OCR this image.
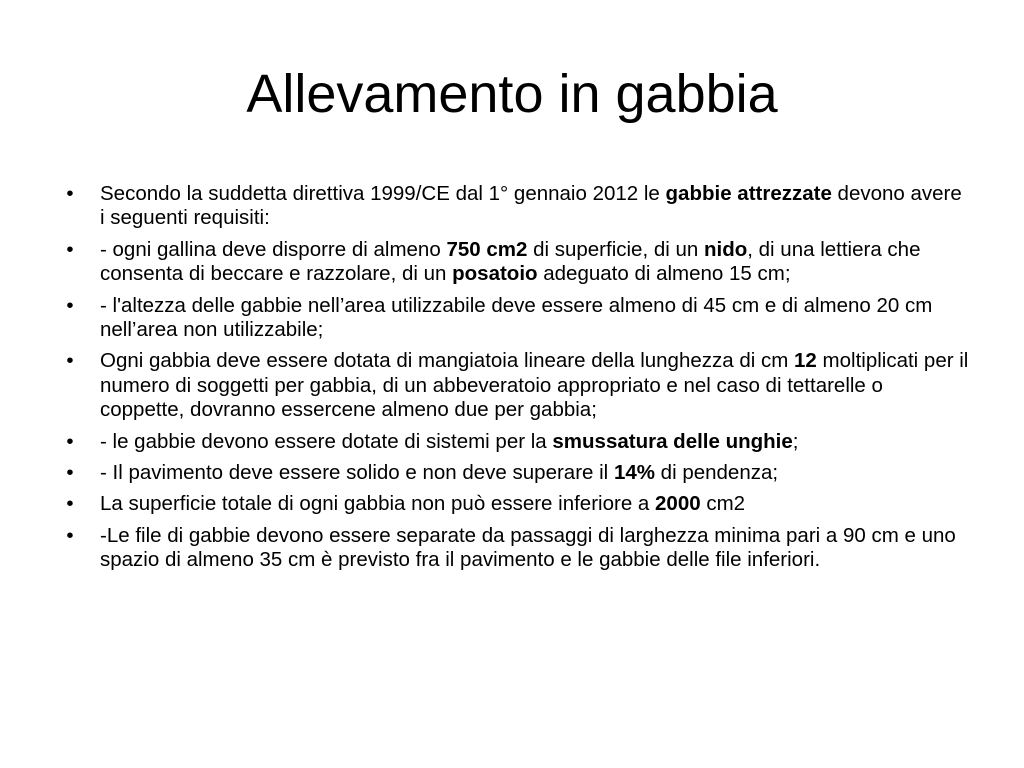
Allevamento in gabbia
•	Secondo la suddetta direttiva 1999/CE dal 1° gennaio 2012 le gabbie attrezzate devono avere i seguenti requisiti:
•	- ogni gallina deve disporre di almeno 750 cm2 di superficie, di un nido, di una lettiera che consenta di beccare e razzolare, di un posatoio adeguato di almeno 15 cm;
•	- l'altezza delle gabbie nell’area utilizzabile deve essere almeno di 45 cm e di almeno 20 cm nell’area non utilizzabile;
•	Ogni gabbia deve essere dotata di mangiatoia lineare della lunghezza di cm 12 moltiplicati per il numero di soggetti per gabbia, di un abbeveratoio appropriato e nel caso di tettarelle o coppette, dovranno essercene almeno due per gabbia;
•	- le gabbie devono essere dotate di sistemi per la smussatura delle unghie;
•	- Il pavimento deve essere solido e non deve superare il 14% di pendenza;
•	La superficie totale di ogni gabbia non può essere inferiore a 2000 cm2
•	-Le file di gabbie devono essere separate da passaggi di larghezza minima pari a 90 cm e uno spazio di almeno 35 cm è previsto fra il pavimento e le gabbie delle file inferiori.
